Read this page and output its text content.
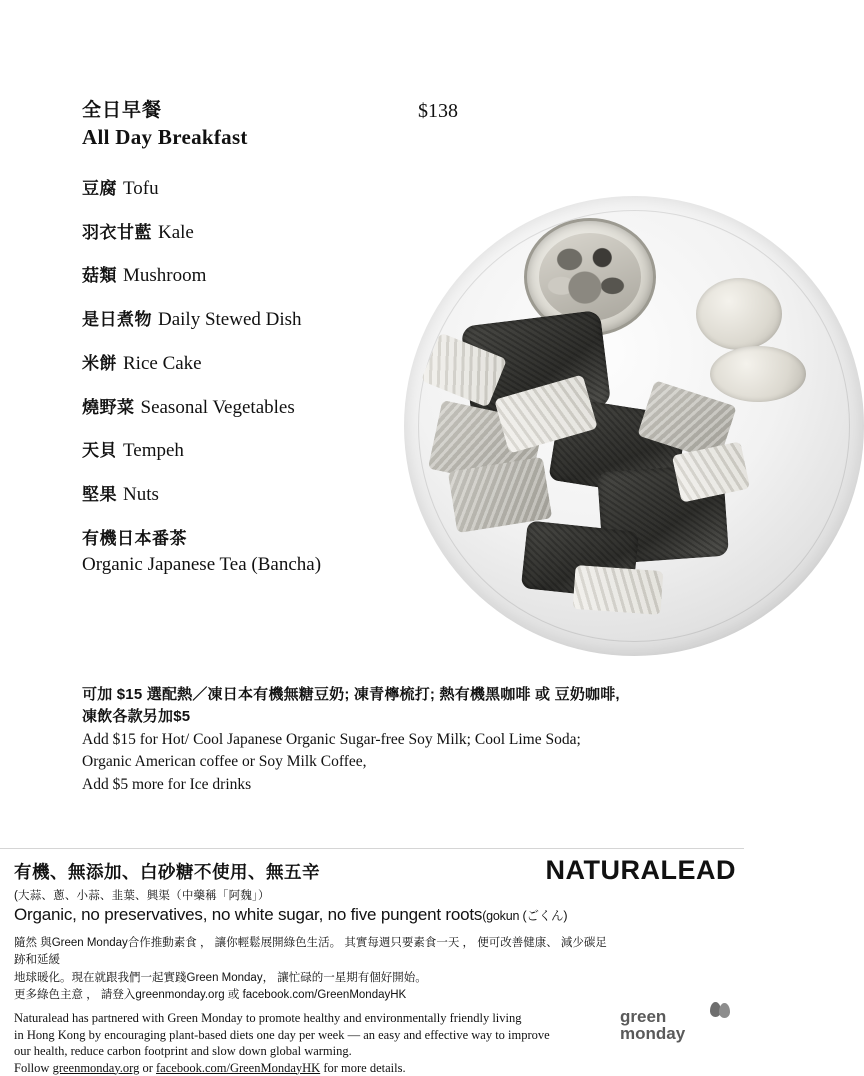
全日早餐
All Day Breakfast
$138
豆腐 Tofu
羽衣甘藍 Kale
菇類 Mushroom
是日煮物 Daily Stewed Dish
米餅 Rice Cake
燒野菜 Seasonal Vegetables
天貝 Tempeh
堅果 Nuts
有機日本番茶
Organic Japanese Tea (Bancha)
可加 $15 選配熱／凍日本有機無糖豆奶; 凍青檸梳打; 熱有機黑咖啡 或 豆奶咖啡,
凍飲各款另加$5
Add $15 for Hot/ Cool Japanese Organic Sugar-free Soy Milk; Cool Lime Soda;
Organic American coffee or Soy Milk Coffee,
Add $5 more for Ice drinks
NATURALEAD
有機、無添加、白砂糖不使用、無五辛
(大蒜、蔥、小蒜、韭葉、興渠（中藥稱「阿魏」）
Organic, no preservatives, no white sugar, no five pungent roots(gokun (ごくん)
隨然 與Green Monday合作推動素食 ， 讓你輕鬆展開綠色生活。 其實每週只要素食一天 ， 便可改善健康、 減少碳足跡和延緩
地球暖化。現在就跟我們一起實踐Green Monday， 讓忙碌的一星期有個好開始。
更多綠色主意 ， 請登入greenmonday.org 或 facebook.com/GreenMondayHK
Naturalead has partnered with Green Monday to promote healthy and environmentally friendly living
in Hong Kong by encouraging plant-based diets one day per week — an easy and effective way to improve
our health, reduce carbon footprint and slow down global warming.
Follow greenmonday.org or facebook.com/GreenMondayHK for more details.
green
monday
